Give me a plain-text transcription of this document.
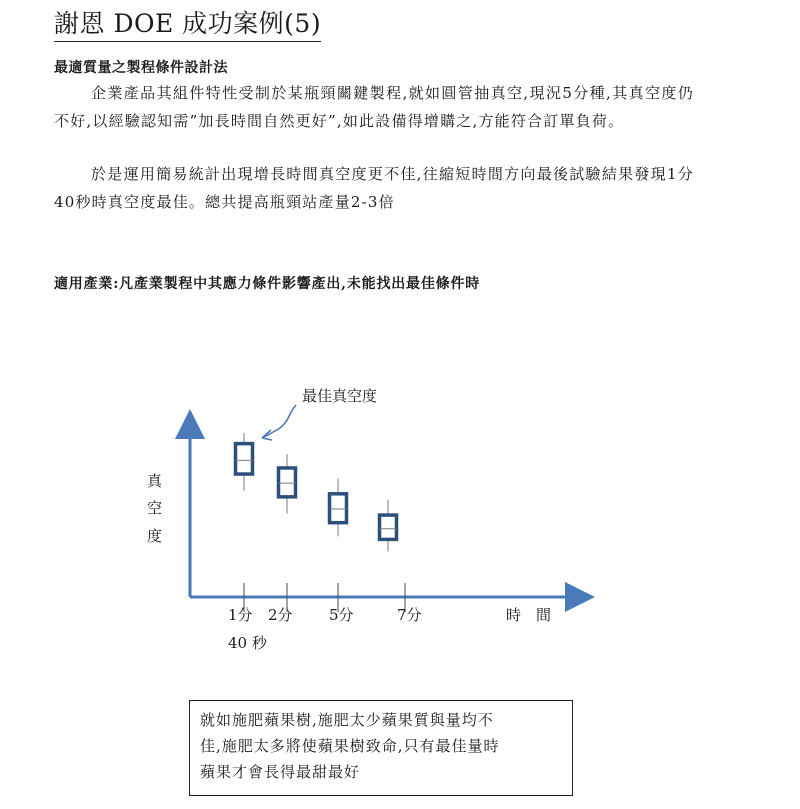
謝恩 DOE 成功案例(5)
最適質量之製程條件設計法

企業產品其組件特性受制於某瓶頸關鍵製程,就如圓管抽真空,現況5分種,其真空度仍不好,以經驗認知需”加長時間自然更好”,如此設備得增購之,方能符合訂單負荷。

於是運用簡易統計出現增長時間真空度更不佳,往縮短時間方向最後試驗結果發現1分40秒時真空度最佳。總共提高瓶頸站產量2-3倍

適用產業:凡產業製程中其應力條件影響產出,未能找出最佳條件時
最佳真空度
真
空
度
1分 2分 5分	7分
40 秒
時　間
就如施肥蘋果樹,施肥太少蘋果質與量均不
佳,施肥太多將使蘋果樹致命,只有最佳量時
蘋果才會長得最甜最好
